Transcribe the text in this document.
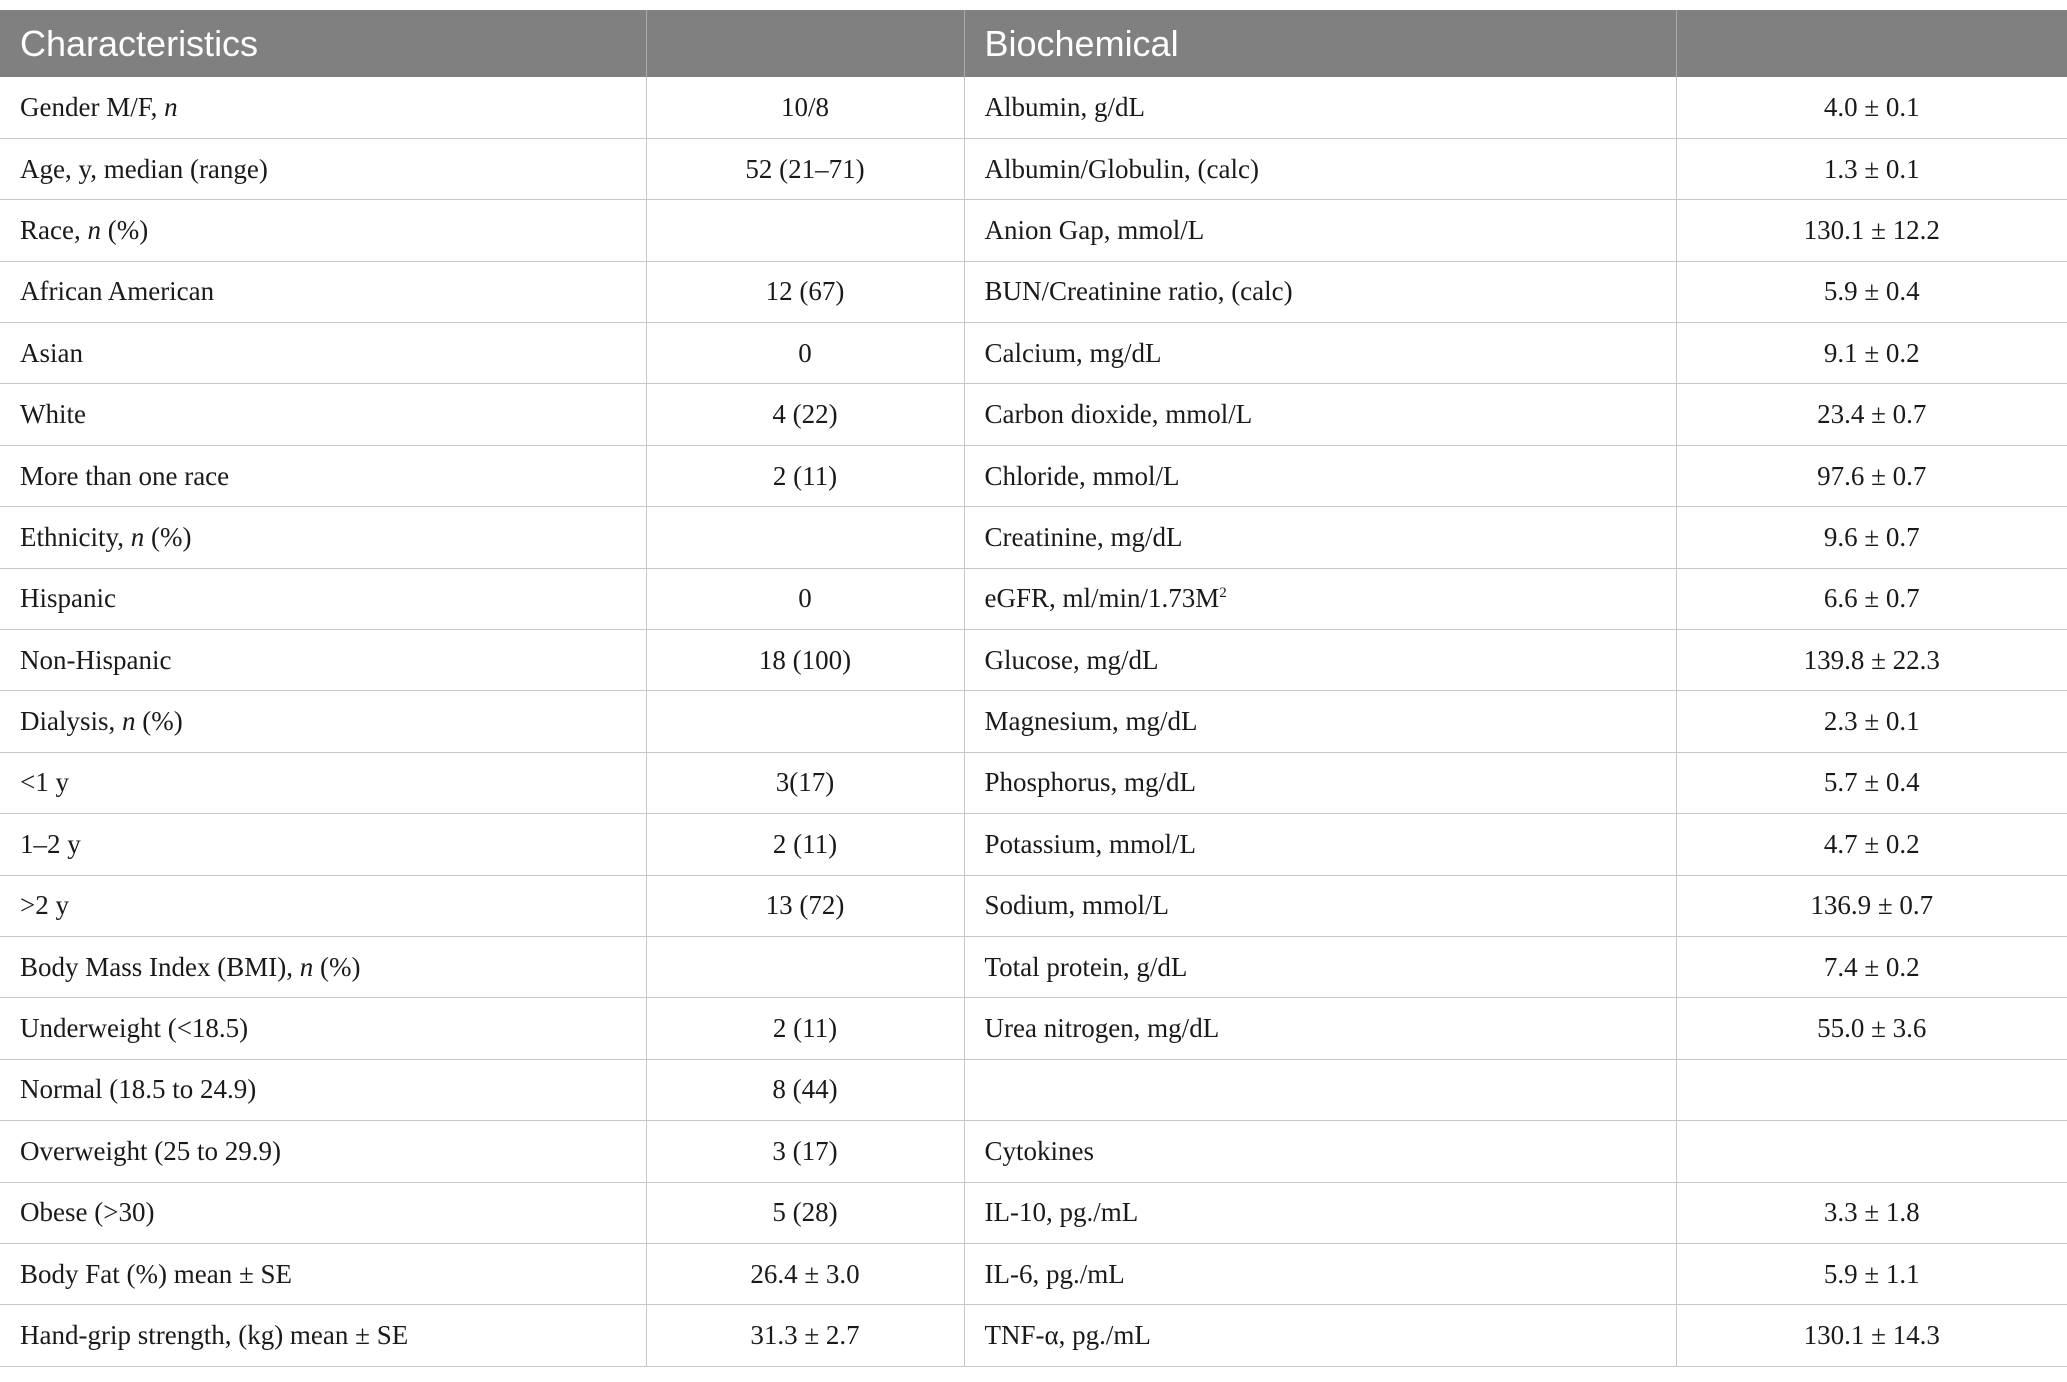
Characteristics		Biochemical	
Gender M/F, n	10/8	Albumin, g/dL	4.0 ± 0.1
Age, y, median (range)	52 (21–71)	Albumin/Globulin, (calc)	1.3 ± 0.1
Race, n (%)		Anion Gap, mmol/L	130.1 ± 12.2
African American	12 (67)	BUN/Creatinine ratio, (calc)	5.9 ± 0.4
Asian	0	Calcium, mg/dL	9.1 ± 0.2
White	4 (22)	Carbon dioxide, mmol/L	23.4 ± 0.7
More than one race	2 (11)	Chloride, mmol/L	97.6 ± 0.7
Ethnicity, n (%)		Creatinine, mg/dL	9.6 ± 0.7
Hispanic	0	eGFR, $ml/\min/1.73M^2$	6.6 ± 0.7
Non-Hispanic	18 (100)	Glucose, mg/dL	139.8 ± 22.3
Dialysis, n (%)		Magnesium, mg/dL	2.3 ± 0.1
<1 y	3(17)	Phosphorus, mg/dL	5.7 ± 0.4
1–2 y	2 (11)	Potassium, mmol/L	4.7 ± 0.2
>2 y	13 (72)	Sodium, mmol/L	136.9 ± 0.7
Body Mass Index (BMI), n (%)		Total protein, g/dL	7.4 ± 0.2
Underweight (<18.5)	2 (11)	Urea nitrogen, mg/dL	55.0 ± 3.6
Normal (18.5 to 24.9)	8 (44)		
Overweight (25 to 29.9)	3 (17)	Cytokines	
Obese (>30)	5 (28)	IL-10, pg./mL	3.3 ± 1.8
Body Fat (%) mean ± SE	26.4 ± 3.0	IL-6, pg./mL	5.9 ± 1.1
Hand-grip strength, (kg) mean ± SE	31.3 ± 2.7	TNF-α, pg./mL	130.1 ± 14.3
